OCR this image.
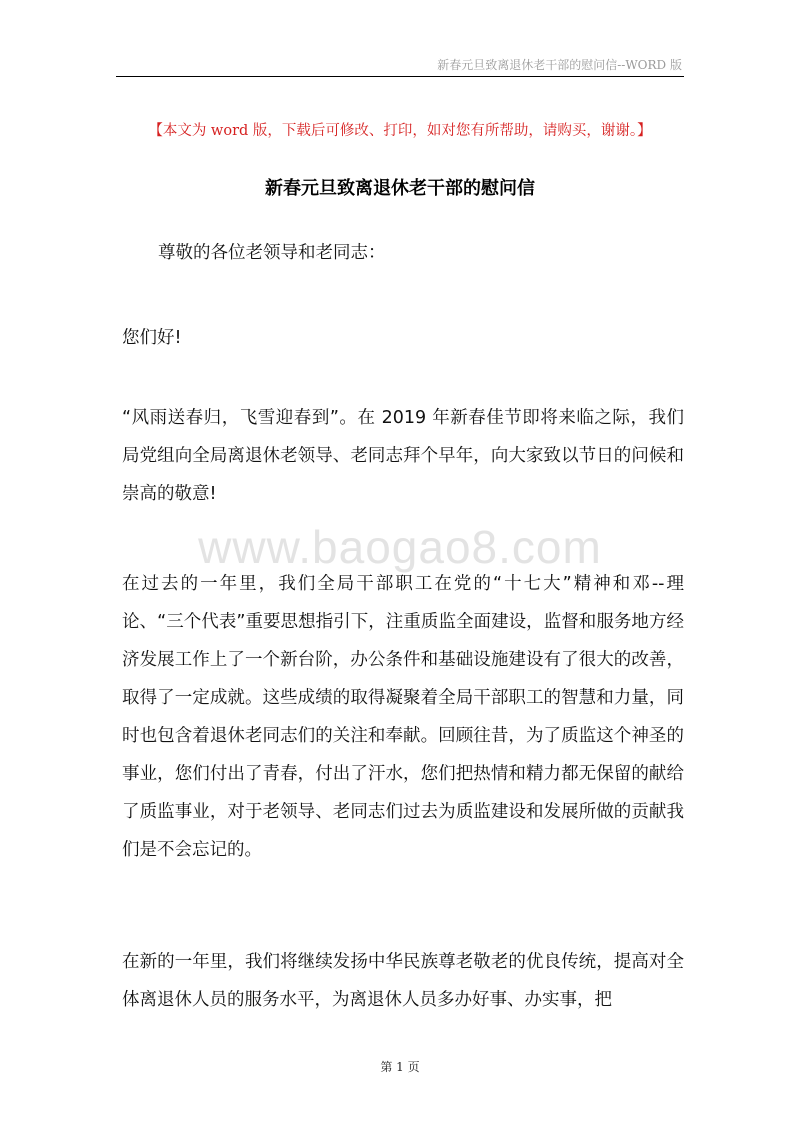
新春元旦致离退休老干部的慰问信--WORD 版
【本文为 word 版，下载后可修改、打印，如对您有所帮助，请购买，谢谢。】
新春元旦致离退休老干部的慰问信
尊敬的各位老领导和老同志：
您们好!
“风雨送春归，飞雪迎春到”。在 2019 年新春佳节即将来临之际，我们局党组向全局离退休老领导、老同志拜个早年，向大家致以节日的问候和崇高的敬意!
www.baogao8.com
在过去的一年里，我们全局干部职工在党的“十七大”精神和邓--理论、“三个代表”重要思想指引下，注重质监全面建设，监督和服务地方经济发展工作上了一个新台阶，办公条件和基础设施建设有了很大的改善，取得了一定成就。这些成绩的取得凝聚着全局干部职工的智慧和力量，同时也包含着退休老同志们的关注和奉献。回顾往昔，为了质监这个神圣的事业，您们付出了青春，付出了汗水，您们把热情和精力都无保留的献给了质监事业，对于老领导、老同志们过去为质监建设和发展所做的贡献我们是不会忘记的。
在新的一年里，我们将继续发扬中华民族尊老敬老的优良传统，提高对全体离退休人员的服务水平，为离退休人员多办好事、办实事，把
第 1 页
